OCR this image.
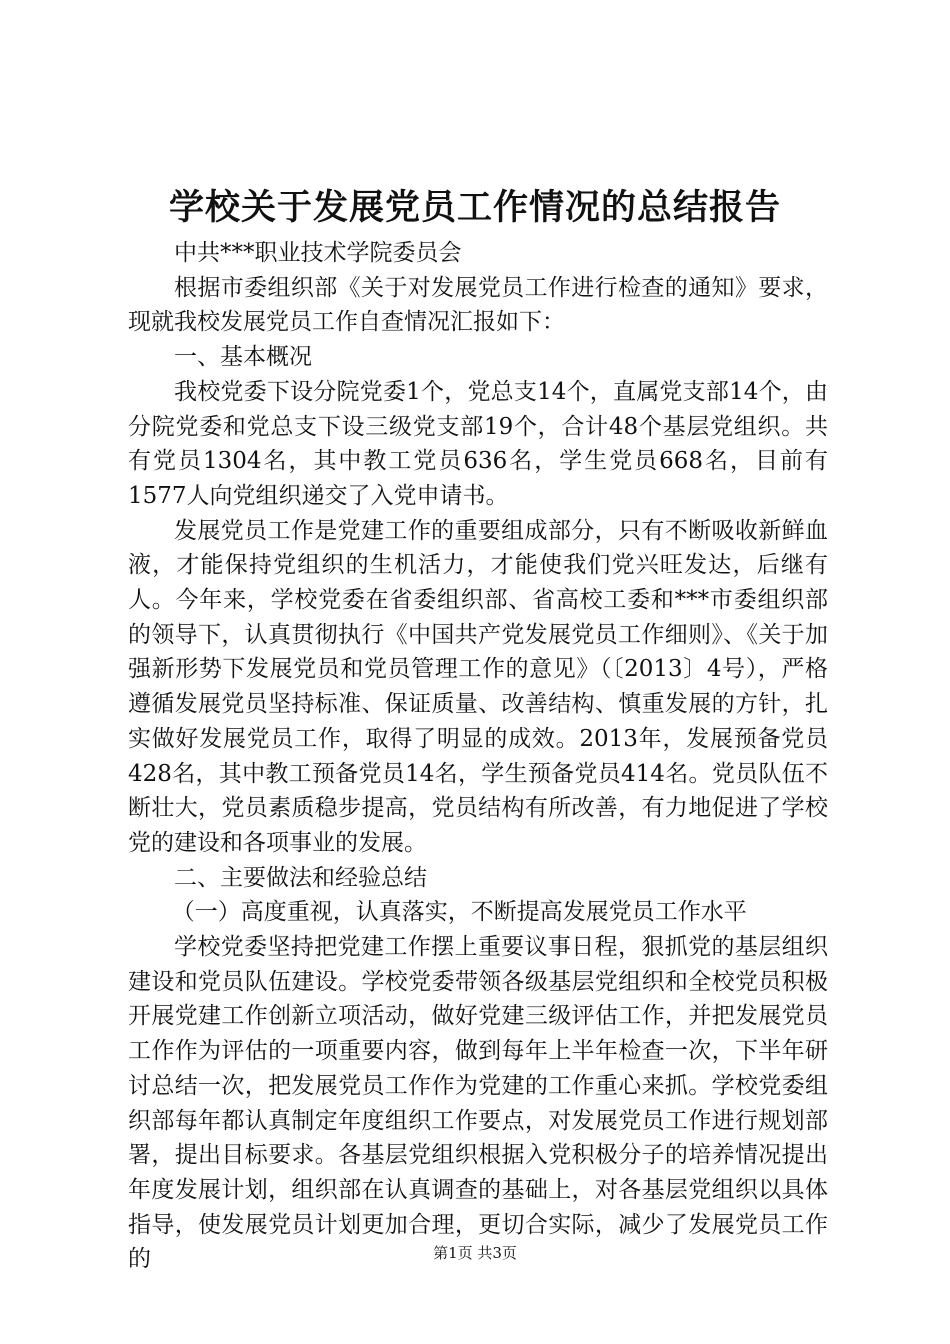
学校关于发展党员工作情况的总结报告

中共***职业技术学院委员会

根据市委组织部《关于对发展党员工作进行检查的通知》要求，现就我校发展党员工作自查情况汇报如下：

一、基本概况

我校党委下设分院党委1个，党总支14个，直属党支部14个，由分院党委和党总支下设三级党支部19个，合计48个基层党组织。共有党员1304名，其中教工党员636名，学生党员668名，目前有1577人向党组织递交了入党申请书。

发展党员工作是党建工作的重要组成部分，只有不断吸收新鲜血液，才能保持党组织的生机活力，才能使我们党兴旺发达，后继有人。今年来，学校党委在省委组织部、省高校工委和***市委组织部的领导下，认真贯彻执行《中国共产党发展党员工作细则》、《关于加强新形势下发展党员和党员管理工作的意见》（〔2013〕4号），严格遵循发展党员坚持标准、保证质量、改善结构、慎重发展的方针，扎实做好发展党员工作，取得了明显的成效。2013年，发展预备党员428名，其中教工预备党员14名，学生预备党员414名。党员队伍不断壮大，党员素质稳步提高，党员结构有所改善，有力地促进了学校党的建设和各项事业的发展。

二、主要做法和经验总结

（一）高度重视，认真落实，不断提高发展党员工作水平

学校党委坚持把党建工作摆上重要议事日程，狠抓党的基层组织建设和党员队伍建设。学校党委带领各级基层党组织和全校党员积极开展党建工作创新立项活动，做好党建三级评估工作，并把发展党员工作作为评估的一项重要内容，做到每年上半年检查一次，下半年研讨总结一次，把发展党员工作作为党建的工作重心来抓。学校党委组织部每年都认真制定年度组织工作要点，对发展党员工作进行规划部署，提出目标要求。各基层党组织根据入党积极分子的培养情况提出年度发展计划，组织部在认真调查的基础上，对各基层党组织以具体指导，使发展党员计划更加合理，更切合实际，减少了发展党员工作的	第1页 共3页
